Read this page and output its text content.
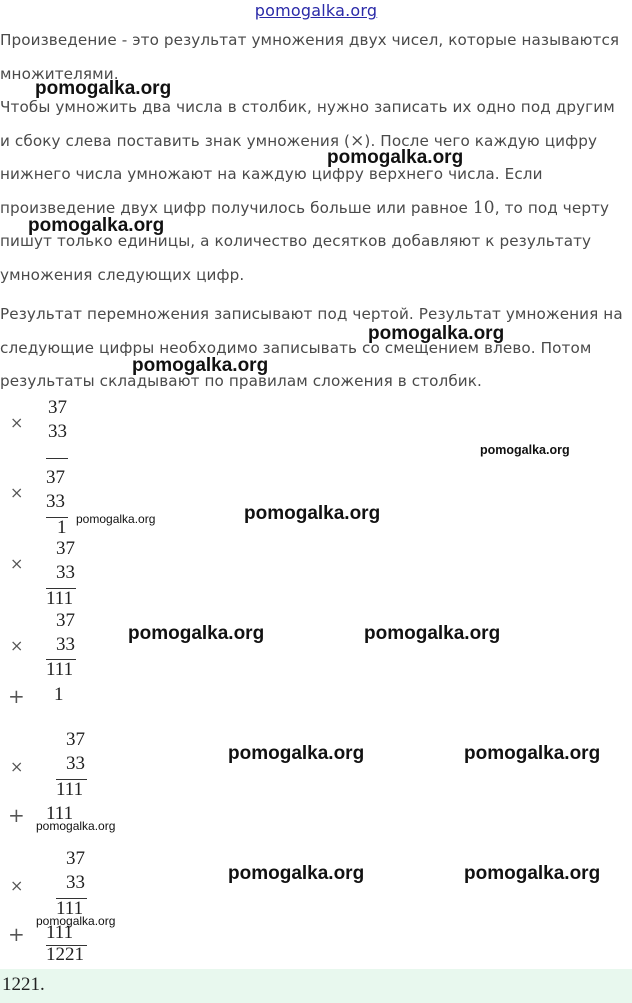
pomogalka.org

Произведение - это результат умножения двух чисел, которые называются множителями.

Чтобы умножить два числа в столбик, нужно записать их одно под другим и сбоку слева поставить знак умножения (×). После чего каждую цифру нижнего числа умножают на каждую цифру верхнего числа. Если произведение двух цифр получилось больше или равное 10, то под черту пишут только единицы, а количество десятков добавляют к результату умножения следующих цифр.

Результат перемножения записывают под чертой. Результат умножения на следующие цифры необходимо записывать со смещением влево. Потом результаты складывают по правилам сложения в столбик.

×
37
33
×
37
33
1
×
37
33
111
×
37
33
111
+ 1
×
37
33
111
+ 111
×
37
33
111
+ 111
1221
1221.
pomogalka.org
pomogalka.org
pomogalka.org
pomogalka.org
pomogalka.org
pomogalka.org
pomogalka.org	pomogalka.org
pomogalka.org	pomogalka.org
pomogalka.org	pomogalka.org
pomogalka.org
pomogalka.org	pomogalka.org
pomogalka.org
